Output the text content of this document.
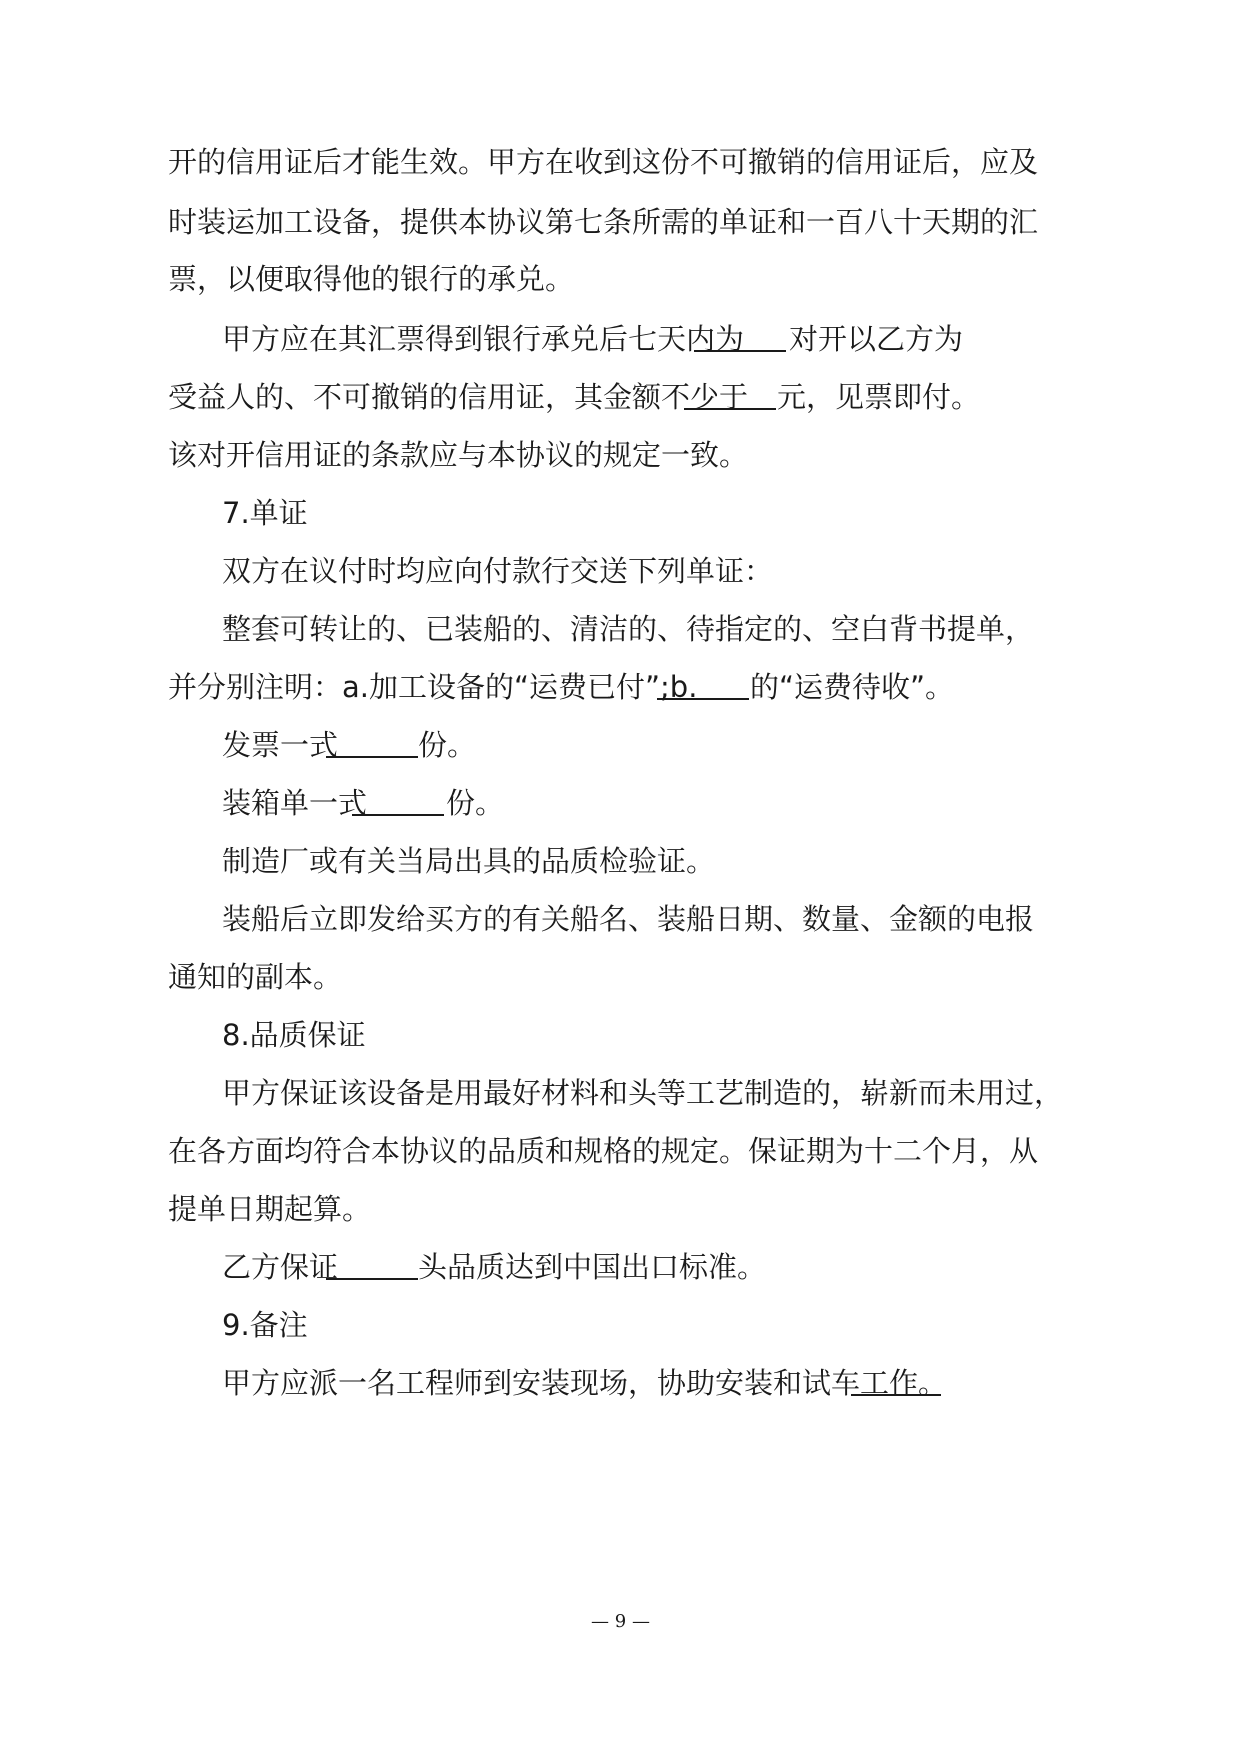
开的信用证后才能生效。甲方在收到这份不可撤销的信用证后，应及
时装运加工设备，提供本协议第七条所需的单证和一百八十天期的汇
票，以便取得他的银行的承兑。
甲方应在其汇票得到银行承兑后七天内为 对开以乙方为
受益人的、不可撤销的信用证，其金额不少于 元，见票即付。
该对开信用证的条款应与本协议的规定一致。
7.单证
双方在议付时均应向付款行交送下列单证：
整套可转让的、已装船的、清洁的、待指定的、空白背书提单，
并分别注明：a.加工设备的“运费已付”;b. 的“运费待收”。
发票一式	份。
装箱单一式	份。
制造厂或有关当局出具的品质检验证。
装船后立即发给买方的有关船名、装船日期、数量、金额的电报
通知的副本。
8.品质保证
甲方保证该设备是用最好材料和头等工艺制造的，崭新而未用过，
在各方面均符合本协议的品质和规格的规定。保证期为十二个月，从
提单日期起算。
乙方保证	头品质达到中国出口标准。
9.备注
甲方应派一名工程师到安装现场，协助安装和试车工作。
— 9 —
